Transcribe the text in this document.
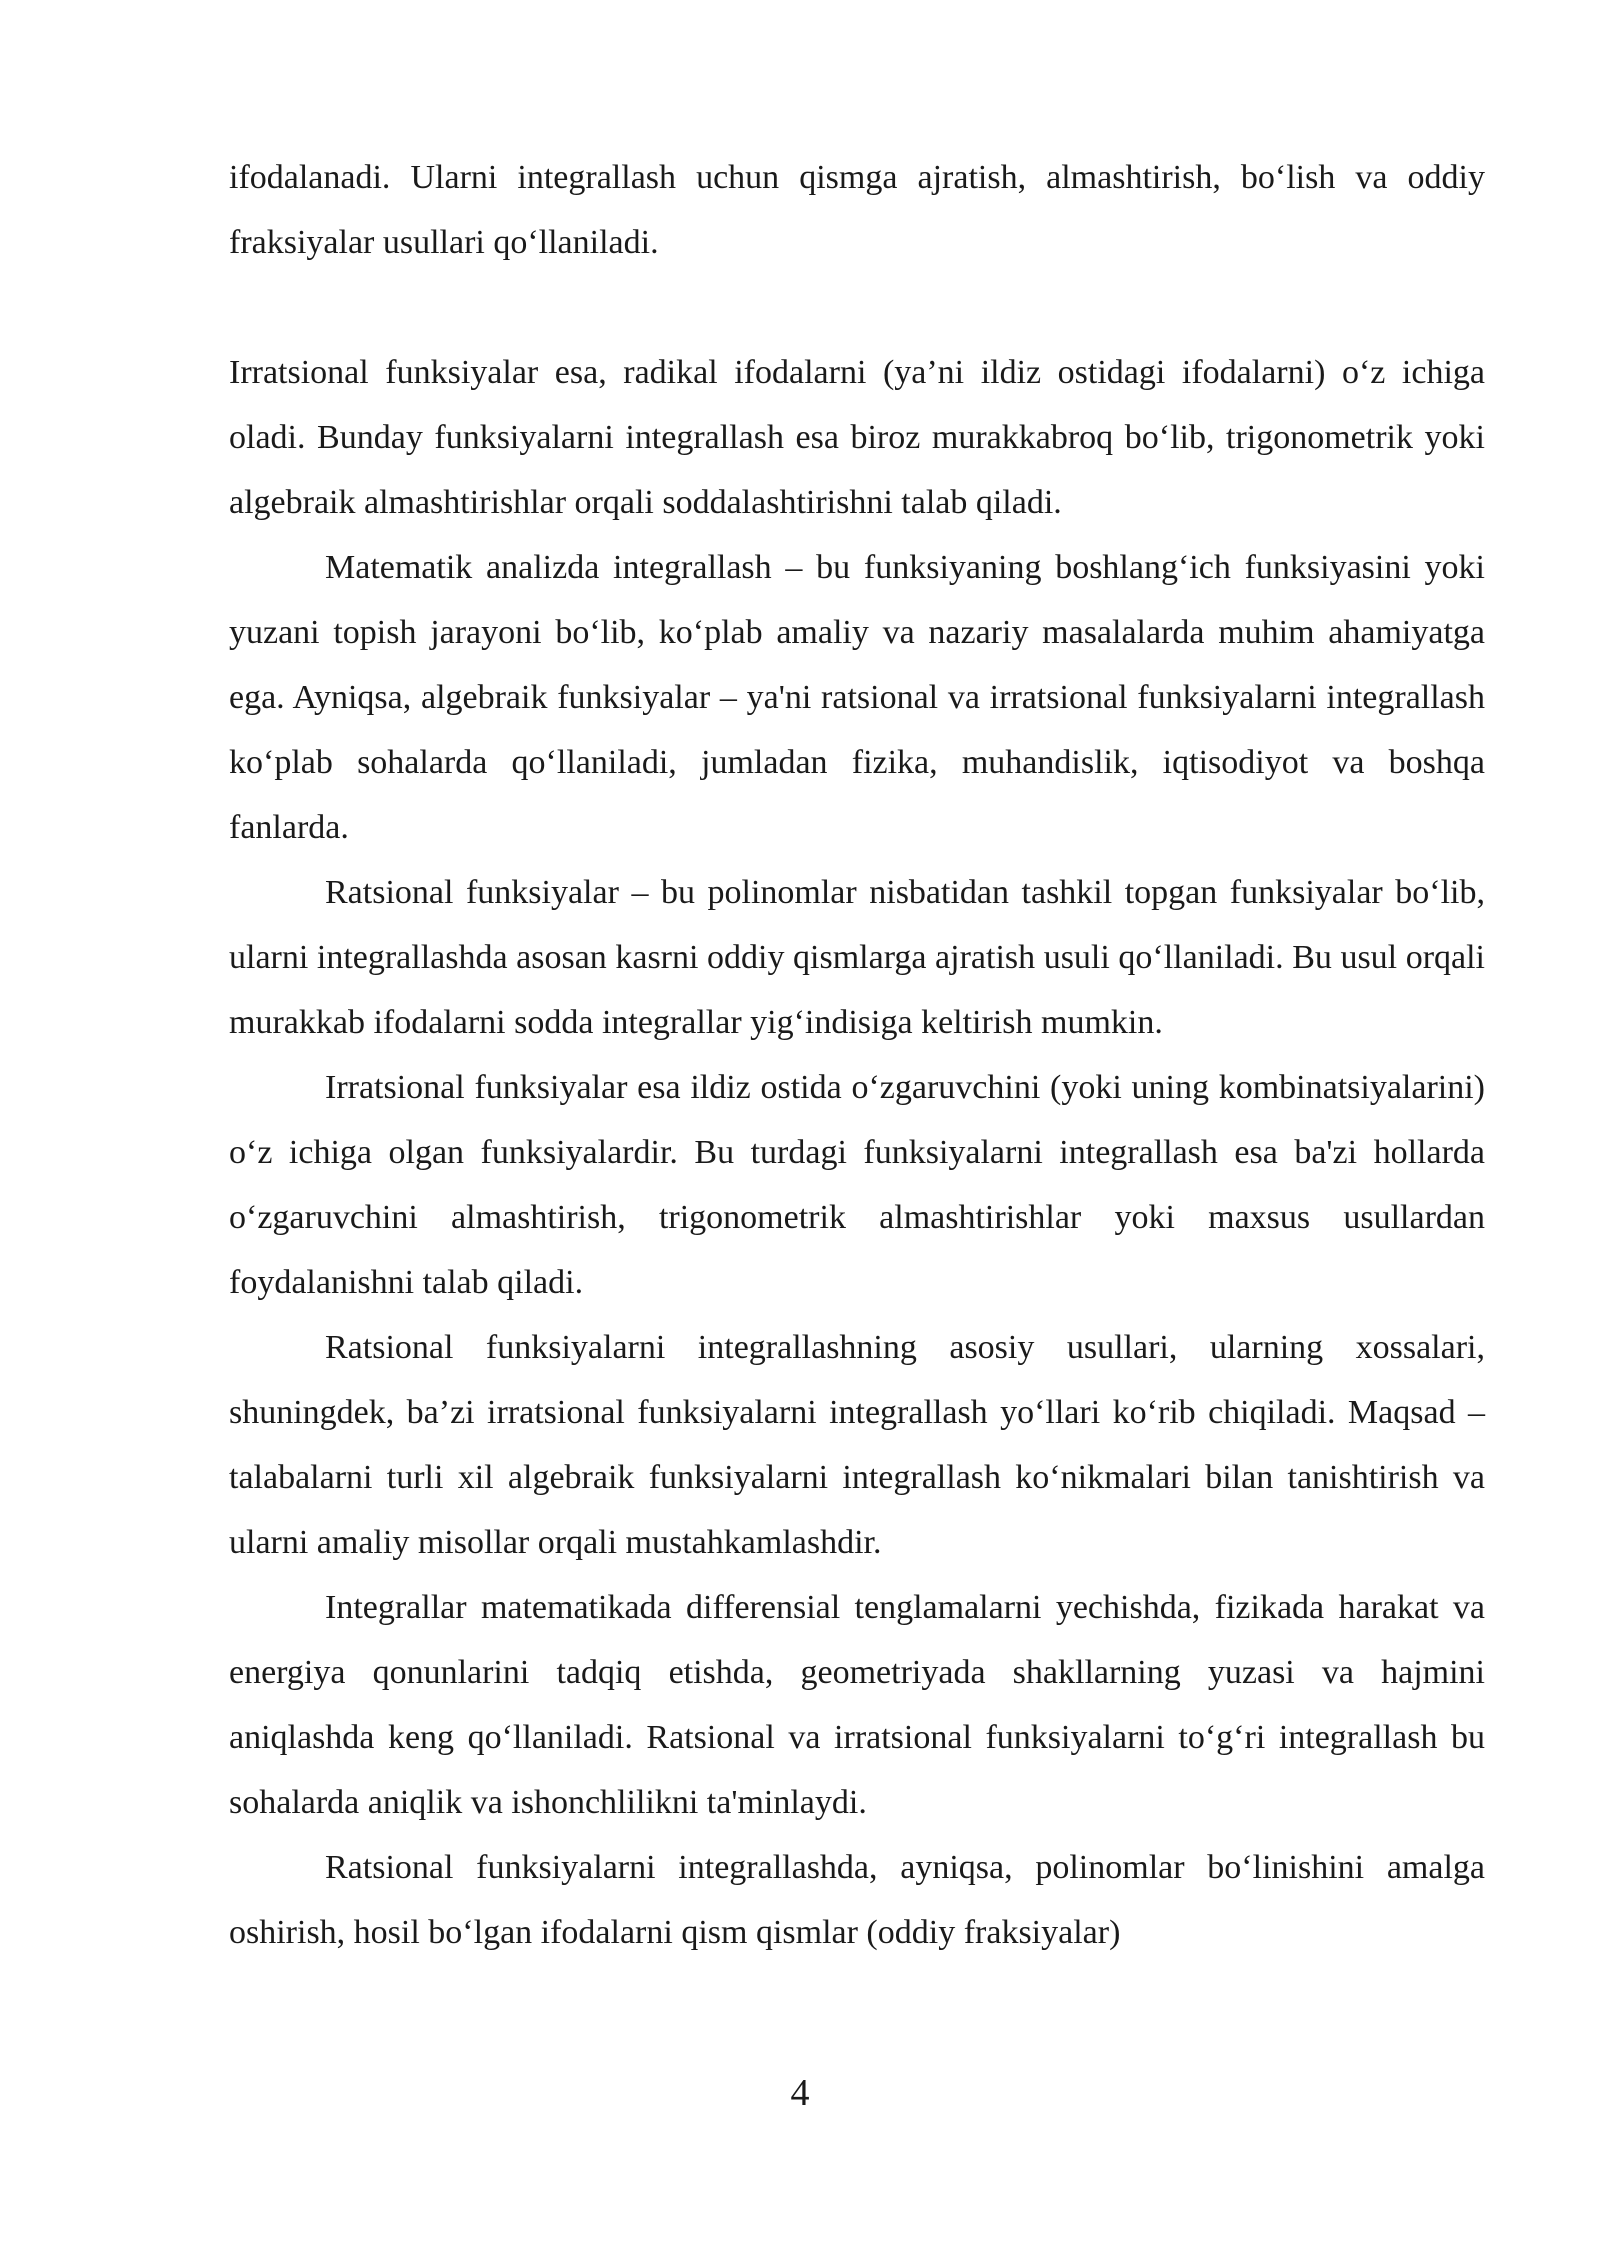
ifodalanadi. Ularni integrallash uchun qismga ajratish, almashtirish, bo‘lish va oddiy fraksiyalar usullari qo‘llaniladi.

Irratsional funksiyalar esa, radikal ifodalarni (ya’ni ildiz ostidagi ifodalarni) o‘z ichiga oladi. Bunday funksiyalarni integrallash esa biroz murakkabroq bo‘lib, trigonometrik yoki algebraik almashtirishlar orqali soddalashtirishni talab qiladi.

Matematik analizda integrallash – bu funksiyaning boshlang‘ich funksiyasini yoki yuzani topish jarayoni bo‘lib, ko‘plab amaliy va nazariy masalalarda muhim ahamiyatga ega. Ayniqsa, algebraik funksiyalar – ya'ni ratsional va irratsional funksiyalarni integrallash ko‘plab sohalarda qo‘llaniladi, jumladan fizika, muhandislik, iqtisodiyot va boshqa fanlarda.

Ratsional funksiyalar – bu polinomlar nisbatidan tashkil topgan funksiyalar bo‘lib, ularni integrallashda asosan kasrni oddiy qismlarga ajratish usuli qo‘llaniladi. Bu usul orqali murakkab ifodalarni sodda integrallar yig‘indisiga keltirish mumkin.

Irratsional funksiyalar esa ildiz ostida o‘zgaruvchini (yoki uning kombinatsiyalarini) o‘z ichiga olgan funksiyalardir. Bu turdagi funksiyalarni integrallash esa ba'zi hollarda o‘zgaruvchini almashtirish, trigonometrik almashtirishlar yoki maxsus usullardan foydalanishni talab qiladi.

Ratsional funksiyalarni integrallashning asosiy usullari, ularning xossalari, shuningdek, ba’zi irratsional funksiyalarni integrallash yo‘llari ko‘rib chiqiladi. Maqsad – talabalarni turli xil algebraik funksiyalarni integrallash ko‘nikmalari bilan tanishtirish va ularni amaliy misollar orqali mustahkamlashdir.

Integrallar matematikada differensial tenglamalarni yechishda, fizikada harakat va energiya qonunlarini tadqiq etishda, geometriyada shakllarning yuzasi va hajmini aniqlashda keng qo‘llaniladi. Ratsional va irratsional funksiyalarni to‘g‘ri integrallash bu sohalarda aniqlik va ishonchlilikni ta'minlaydi.

Ratsional funksiyalarni integrallashda, ayniqsa, polinomlar bo‘linishini amalga oshirish, hosil bo‘lgan ifodalarni qism qismlar (oddiy fraksiyalar)

4
